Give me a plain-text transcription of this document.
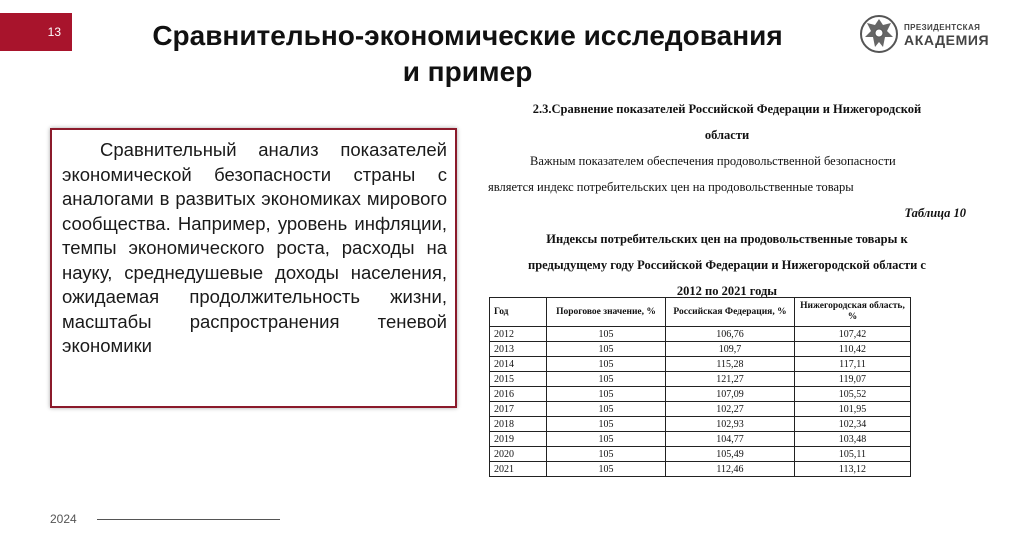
13	Сравнительно-экономические исследования
и пример
ПРЕЗИДЕНТСКАЯ
АКАДЕМИЯ

Сравнительный анализ показателей экономической безопасности страны с аналогами в развитых экономиках мирового сообщества. Например, уровень инфляции, темпы экономического роста, расходы на науку, среднедушевые доходы населения, ожидаемая продолжительность жизни, масштабы распространения теневой экономики

2.3.Сравнение показателей Российской Федерации и Нижегородской
области
Важным показателем обеспечения продовольственной безопасности
является индекс потребительских цен на продовольственные товары
Таблица 10
Индексы потребительских цен на продовольственные товары к
предыдущему году Российской Федерации и Нижегородской области с
2012 по 2021 годы
Год	Пороговое значение, %	Российская Федерация, %	Нижегородская область, %
2012	105	106,76	107,42
2013	105	109,7	110,42
2014	105	115,28	117,11
2015	105	121,27	119,07
2016	105	107,09	105,52
2017	105	102,27	101,95
2018	105	102,93	102,34
2019	105	104,77	103,48
2020	105	105,49	105,11
2021	105	112,46	113,12
2024
